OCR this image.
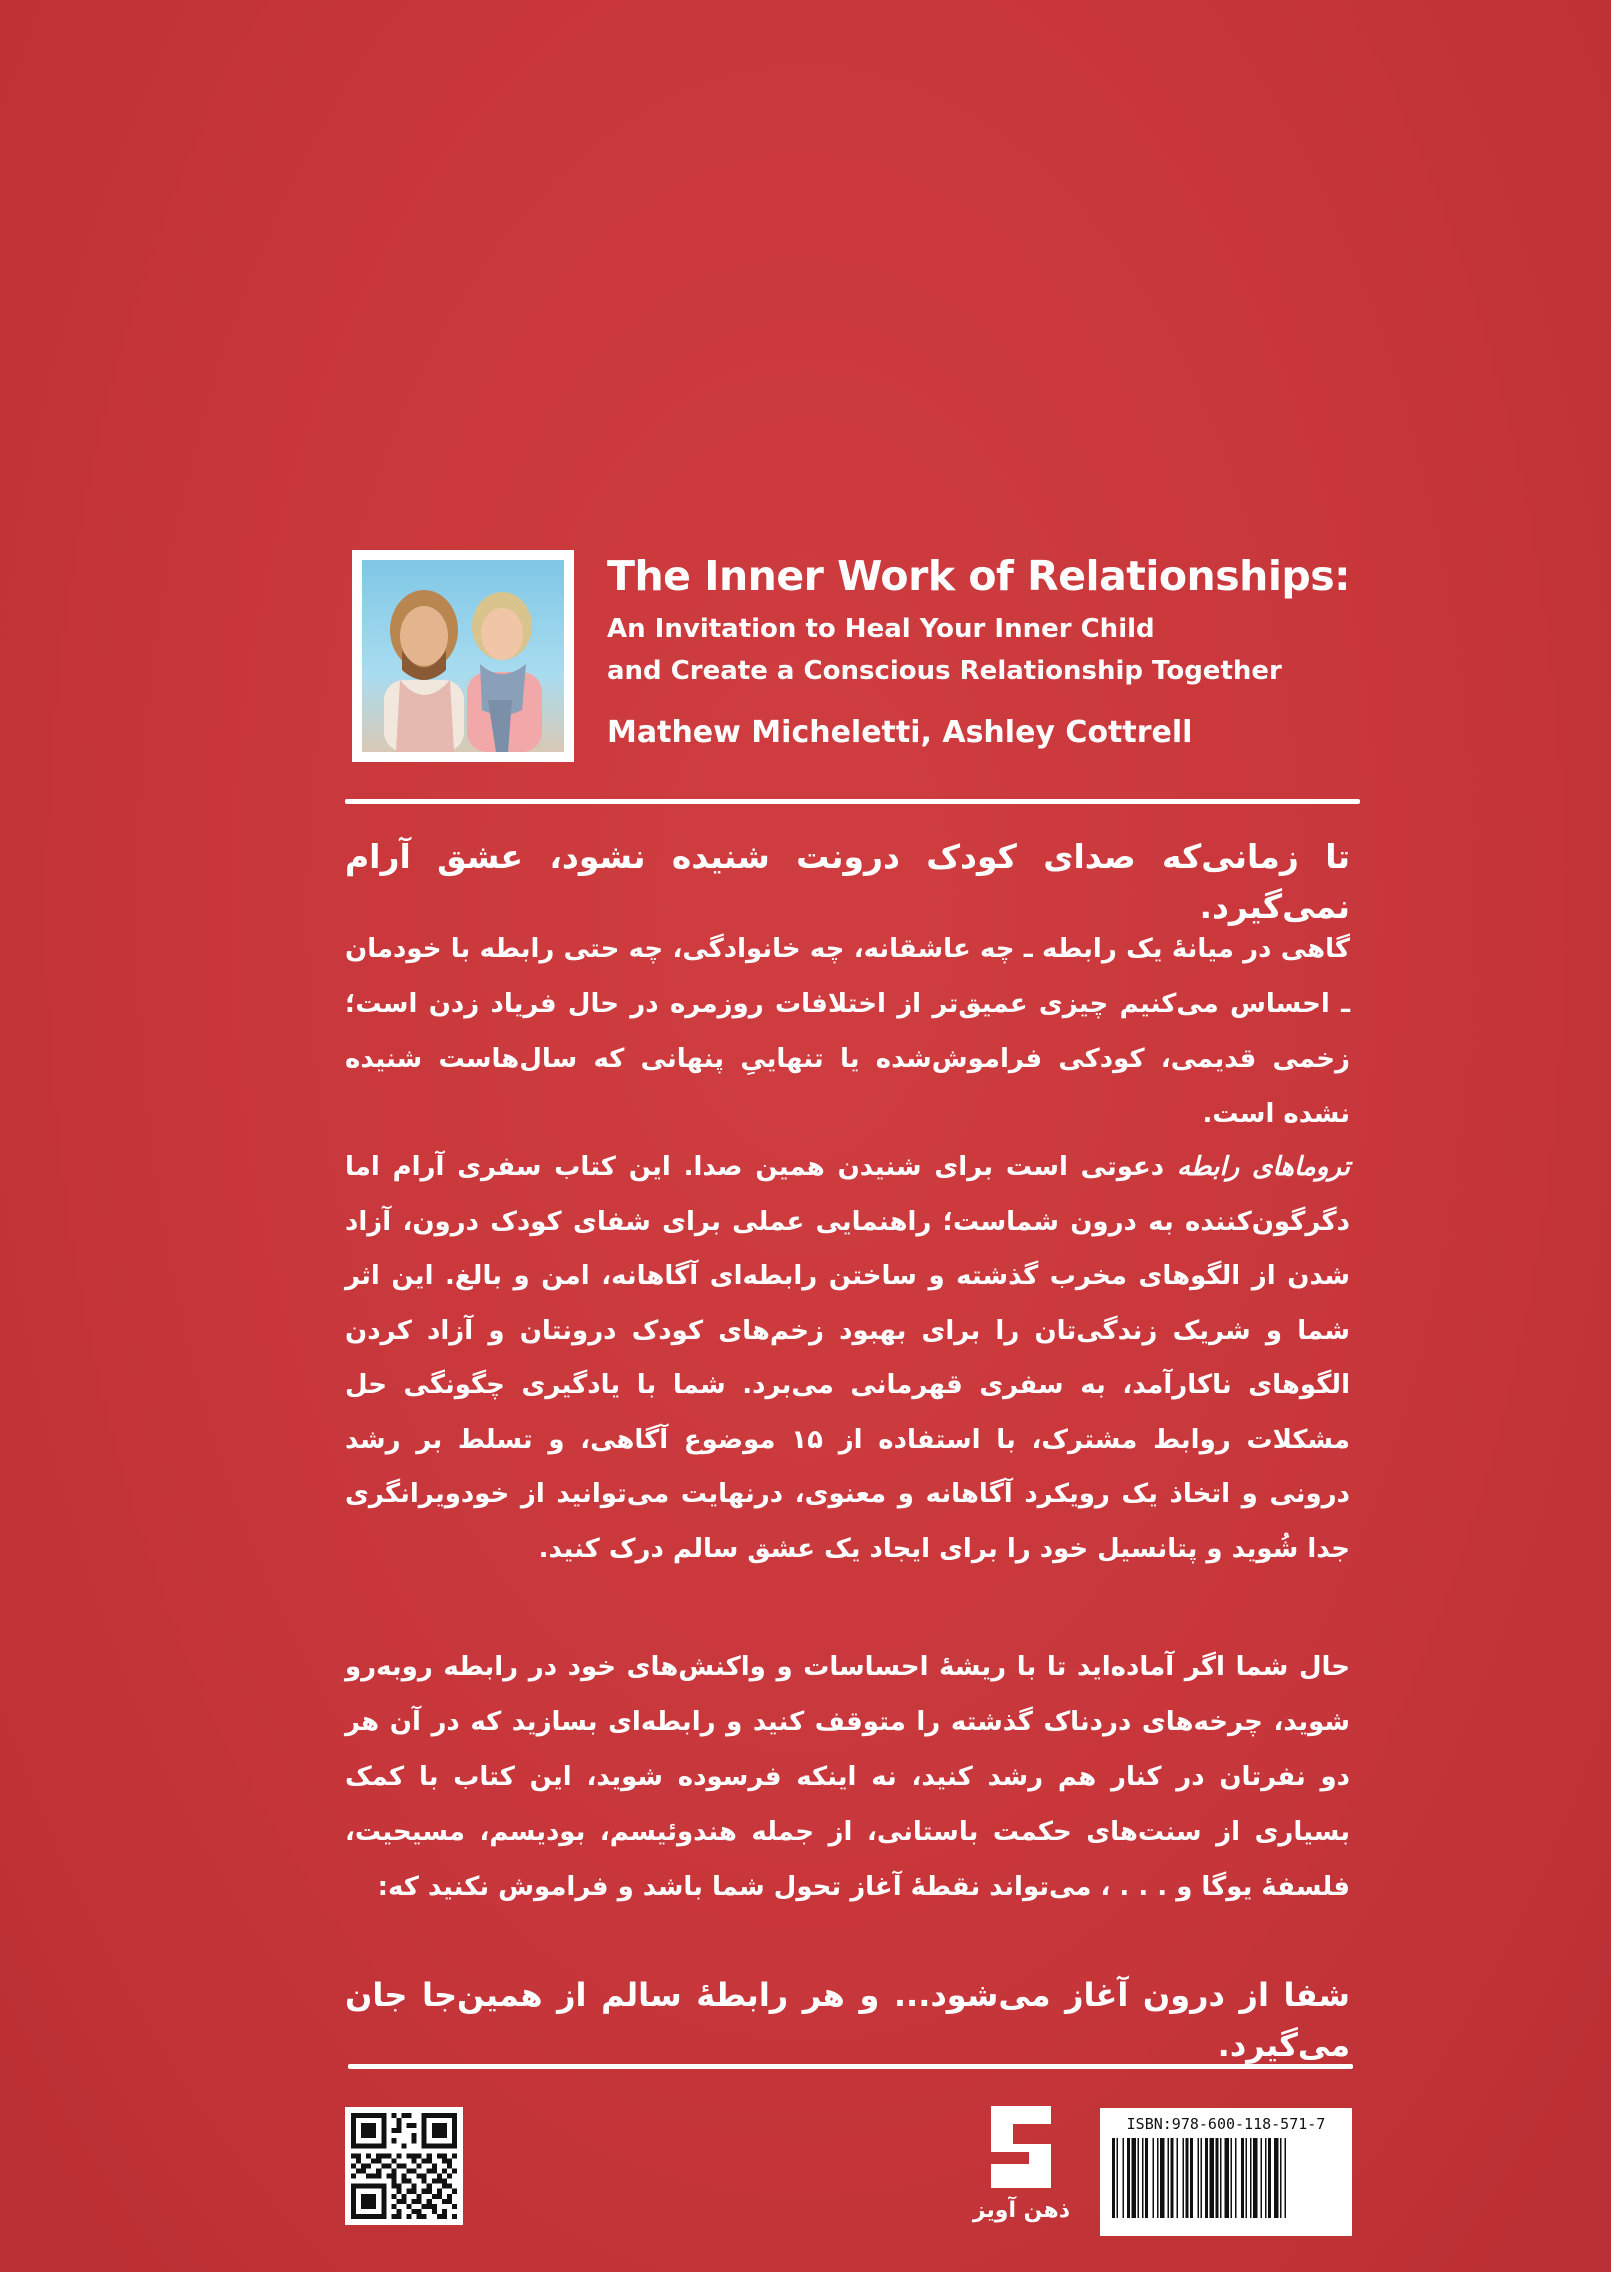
The Inner Work of Relationships:
An Invitation to Heal Your Inner Child
and Create a Conscious Relationship Together
Mathew Micheletti, Ashley Cottrell
تا زمانی‌که صدای کودک درونت شنیده نشود، عشق آرام نمی‌گیرد.
گاهی در میانهٔ یک رابطه ـ چه عاشقانه، چه خانوادگی، چه حتی رابطه با خودمان ـ احساس می‌کنیم چیزی عمیق‌تر از اختلافات روزمره در حال فریاد زدن است؛ زخمی قدیمی، کودکی فراموش‌شده یا تنهاییِ پنهانی که سال‌هاست شنیده نشده است.
تروماهای رابطه دعوتی است برای شنیدن همین صدا. این کتاب سفری آرام اما دگرگون‌کننده به درون شماست؛ راهنمایی عملی برای شفای کودک درون، آزاد شدن از الگوهای مخرب گذشته و ساختن رابطه‌ای آگاهانه، امن و بالغ. این اثر شما و شریک زندگی‌تان را برای بهبود زخم‌های کودک درونتان و آزاد کردن الگوهای ناکارآمد، به سفری قهرمانی می‌برد. شما با یادگیری چگونگی حل مشکلات روابط مشترک، با استفاده از ۱۵ موضوع آگاهی، و تسلط بر رشد درونی و اتخاذ یک رویکرد آگاهانه و معنوی، درنهایت می‌توانید از خودویرانگری جدا شُوید و پتانسیل خود را برای ایجاد یک عشق سالم درک کنید.
حال شما اگر آماده‌اید تا با ریشهٔ احساسات و واکنش‌های خود در رابطه روبه‌رو شوید، چرخه‌های دردناک گذشته را متوقف کنید و رابطه‌ای بسازید که در آن هر دو نفرتان در کنار هم رشد کنید، نه اینکه فرسوده شوید، این کتاب با کمک بسیاری از سنت‌های حکمت باستانی، از جمله هندوئیسم، بودیسم، مسیحیت، فلسفهٔ یوگا و . . . ، می‌تواند نقطهٔ آغاز تحول شما باشد و فراموش نکنید که:
شفا از درون آغاز می‌شود... و هر رابطهٔ سالم از همین‌جا جان می‌گیرد.
ذهن آویز
ISBN:978-600-118-571-7
